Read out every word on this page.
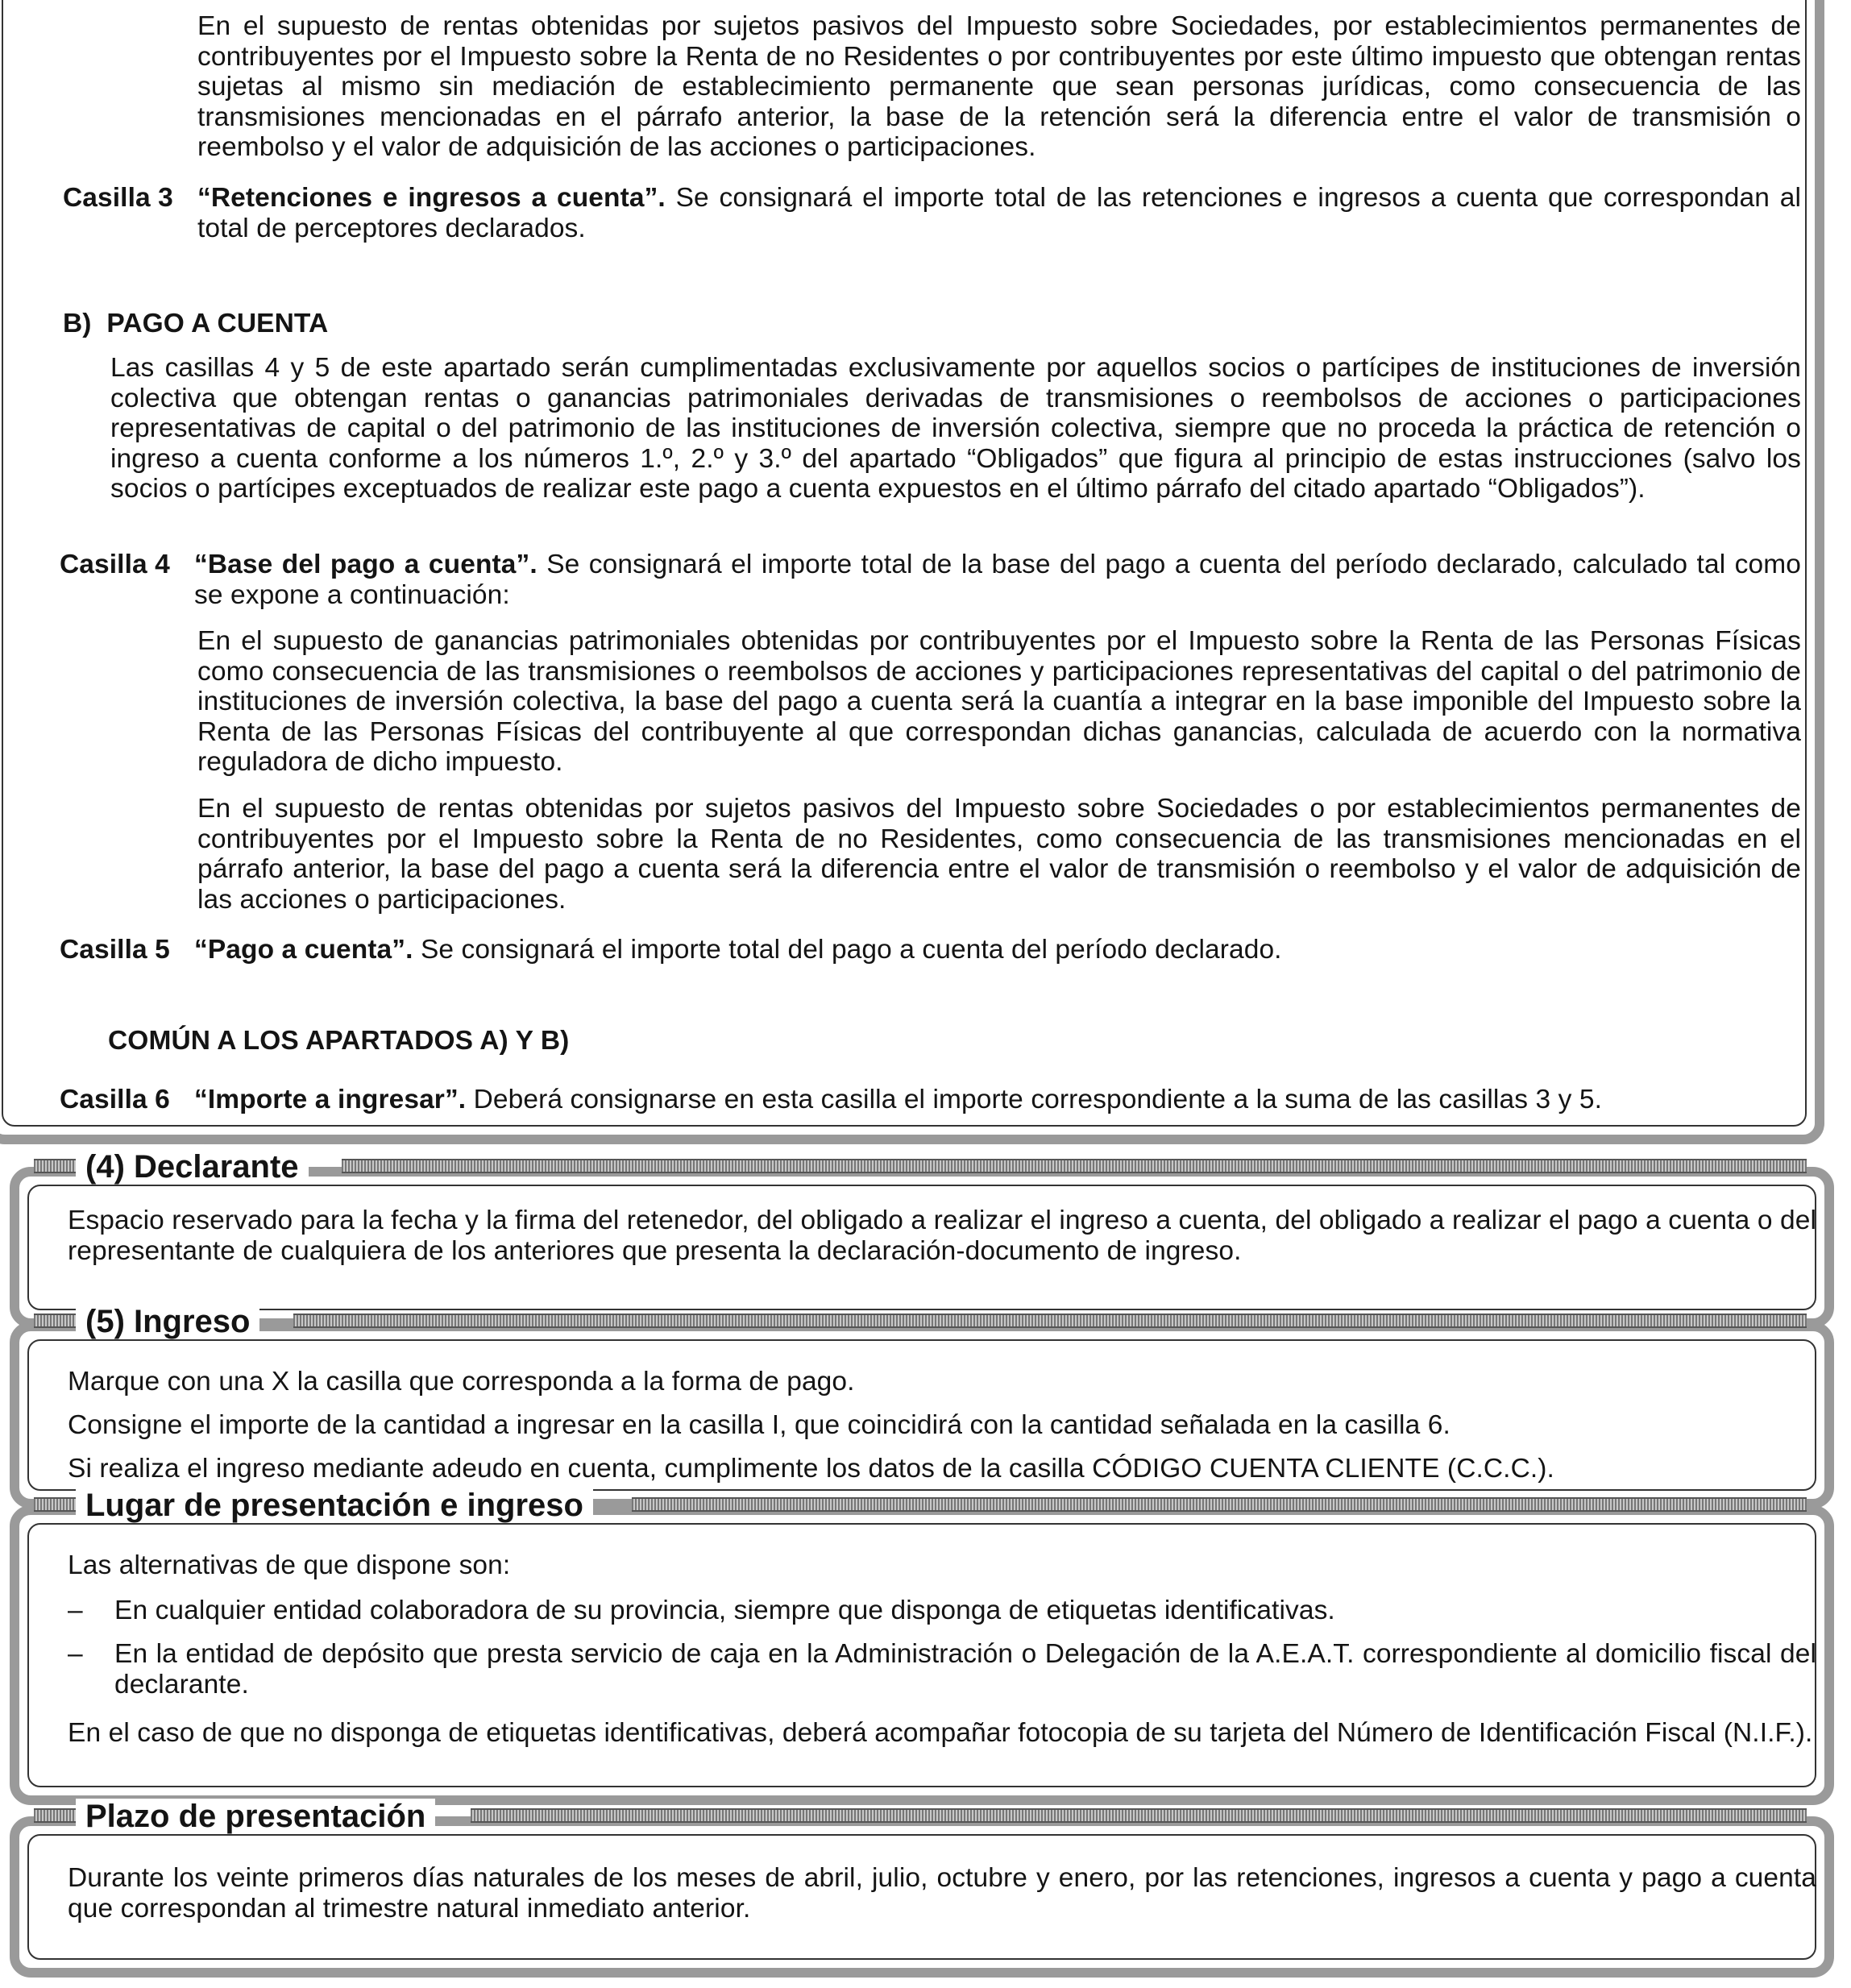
En el supuesto de rentas obtenidas por sujetos pasivos del Impuesto sobre Sociedades, por establecimientos permanentes de contribuyentes por el Impuesto sobre la Renta de no Residentes o por contribuyentes por este último impuesto que obtengan rentas sujetas al mismo sin mediación de establecimiento permanente que sean personas jurídicas, como consecuencia de las transmisiones mencionadas en el párrafo anterior, la base de la retención será la diferencia entre el valor de transmisión o reembolso y el valor de adquisición de las acciones o participaciones.

Casilla 3 “Retenciones e ingresos a cuenta”. Se consignará el importe total de las retenciones e ingresos a cuenta que correspondan al total de perceptores declarados.

B)  PAGO A CUENTA

Las casillas 4 y 5 de este apartado serán cumplimentadas exclusivamente por aquellos socios o partícipes de instituciones de inversión colectiva que obtengan rentas o ganancias patrimoniales derivadas de transmisiones o reembolsos de acciones o participaciones representativas de capital o del patrimonio de las instituciones de inversión colectiva, siempre que no proceda la práctica de retención o ingreso a cuenta conforme a los números 1.º, 2.º y 3.º del apartado “Obligados” que figura al principio de estas instrucciones (salvo los socios o partícipes exceptuados de realizar este pago a cuenta expuestos en el último párrafo del citado apartado “Obligados”).

Casilla 4 “Base del pago a cuenta”. Se consignará el importe total de la base del pago a cuenta del período declarado, calculado tal como se expone a continuación:

En el supuesto de ganancias patrimoniales obtenidas por contribuyentes por el Impuesto sobre la Renta de las Personas Físicas como consecuencia de las transmisiones o reembolsos de acciones y participaciones representativas del capital o del patrimonio de instituciones de inversión colectiva, la base del pago a cuenta será la cuantía a integrar en la base imponible del Impuesto sobre la Renta de las Personas Físicas del contribuyente al que correspondan dichas ganancias, calculada de acuerdo con la normativa reguladora de dicho impuesto.

En el supuesto de rentas obtenidas por sujetos pasivos del Impuesto sobre Sociedades o por establecimientos permanentes de contribuyentes por el Impuesto sobre la Renta de no Residentes, como consecuencia de las transmisiones mencionadas en el párrafo anterior, la base del pago a cuenta será la diferencia entre el valor de transmisión o reembolso y el valor de adquisición de las acciones o participaciones.

Casilla 5 “Pago a cuenta”. Se consignará el importe total del pago a cuenta del período declarado.

COMÚN A LOS APARTADOS A) Y B)

Casilla 6 “Importe a ingresar”. Deberá consignarse en esta casilla el importe correspondiente a la suma de las casillas 3 y 5.

(4) Declarante

Espacio reservado para la fecha y la firma del retenedor, del obligado a realizar el ingreso a cuenta, del obligado a realizar el pago a cuenta o del representante de cualquiera de los anteriores que presenta la declaración-documento de ingreso.

(5) Ingreso

Marque con una X la casilla que corresponda a la forma de pago.

Consigne el importe de la cantidad a ingresar en la casilla I, que coincidirá con la cantidad señalada en la casilla 6.

Si realiza el ingreso mediante adeudo en cuenta, cumplimente los datos de la casilla CÓDIGO CUENTA CLIENTE (C.C.C.).

Lugar de presentación e ingreso

Las alternativas de que dispone son:

– En cualquier entidad colaboradora de su provincia, siempre que disponga de etiquetas identificativas.

– En la entidad de depósito que presta servicio de caja en la Administración o Delegación de la A.E.A.T. correspondiente al domicilio fiscal del declarante.

En el caso de que no disponga de etiquetas identificativas, deberá acompañar fotocopia de su tarjeta del Número de Identificación Fiscal (N.I.F.).

Plazo de presentación

Durante los veinte primeros días naturales de los meses de abril, julio, octubre y enero, por las retenciones, ingresos a cuenta y pago a cuenta que correspondan al trimestre natural inmediato anterior.
